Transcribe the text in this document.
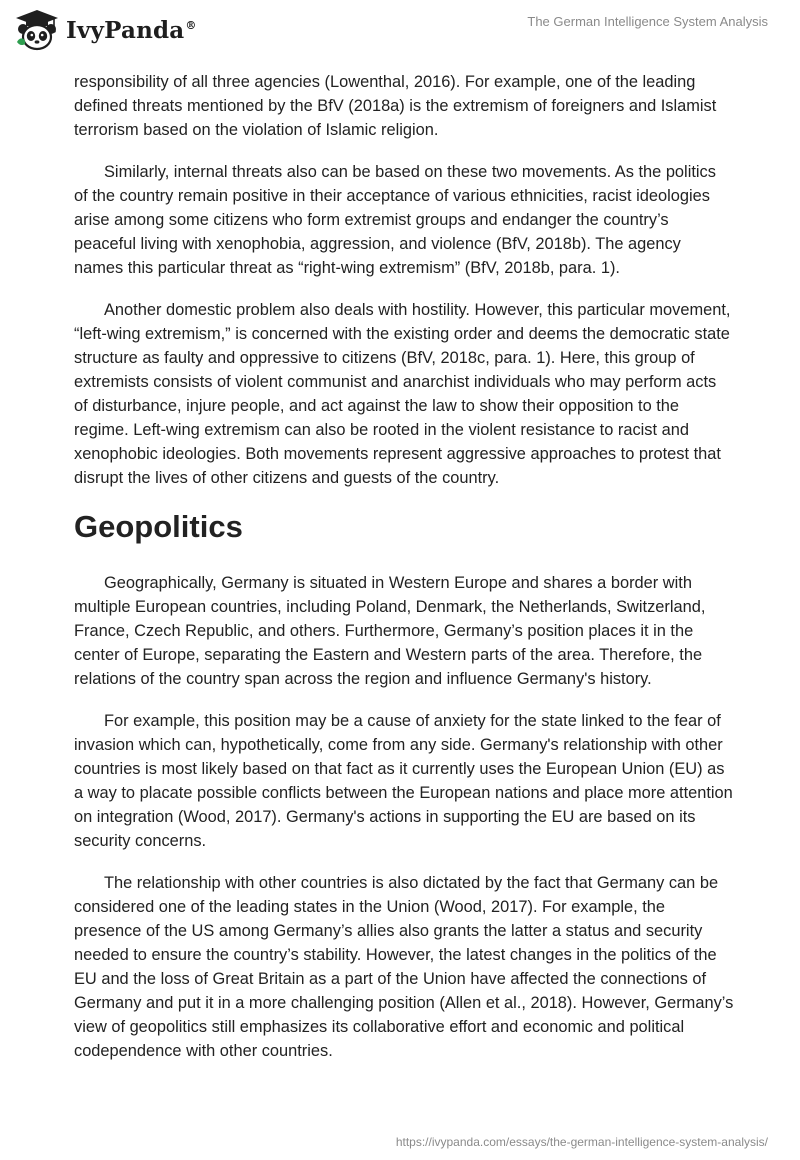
IvyPanda®	The German Intelligence System Analysis

responsibility of all three agencies (Lowenthal, 2016). For example, one of the leading defined threats mentioned by the BfV (2018a) is the extremism of foreigners and Islamist terrorism based on the violation of Islamic religion.

Similarly, internal threats also can be based on these two movements. As the politics of the country remain positive in their acceptance of various ethnicities, racist ideologies arise among some citizens who form extremist groups and endanger the country’s peaceful living with xenophobia, aggression, and violence (BfV, 2018b). The agency names this particular threat as “right-wing extremism” (BfV, 2018b, para. 1).

Another domestic problem also deals with hostility. However, this particular movement, “left-wing extremism,” is concerned with the existing order and deems the democratic state structure as faulty and oppressive to citizens (BfV, 2018c, para. 1). Here, this group of extremists consists of violent communist and anarchist individuals who may perform acts of disturbance, injure people, and act against the law to show their opposition to the regime. Left-wing extremism can also be rooted in the violent resistance to racist and xenophobic ideologies. Both movements represent aggressive approaches to protest that disrupt the lives of other citizens and guests of the country.

Geopolitics

Geographically, Germany is situated in Western Europe and shares a border with multiple European countries, including Poland, Denmark, the Netherlands, Switzerland, France, Czech Republic, and others. Furthermore, Germany’s position places it in the center of Europe, separating the Eastern and Western parts of the area. Therefore, the relations of the country span across the region and influence Germany's history.

For example, this position may be a cause of anxiety for the state linked to the fear of invasion which can, hypothetically, come from any side. Germany's relationship with other countries is most likely based on that fact as it currently uses the European Union (EU) as a way to placate possible conflicts between the European nations and place more attention on integration (Wood, 2017). Germany's actions in supporting the EU are based on its security concerns.

The relationship with other countries is also dictated by the fact that Germany can be considered one of the leading states in the Union (Wood, 2017). For example, the presence of the US among Germany’s allies also grants the latter a status and security needed to ensure the country’s stability. However, the latest changes in the politics of the EU and the loss of Great Britain as a part of the Union have affected the connections of Germany and put it in a more challenging position (Allen et al., 2018). However, Germany’s view of geopolitics still emphasizes its collaborative effort and economic and political codependence with other countries.

https://ivypanda.com/essays/the-german-intelligence-system-analysis/
